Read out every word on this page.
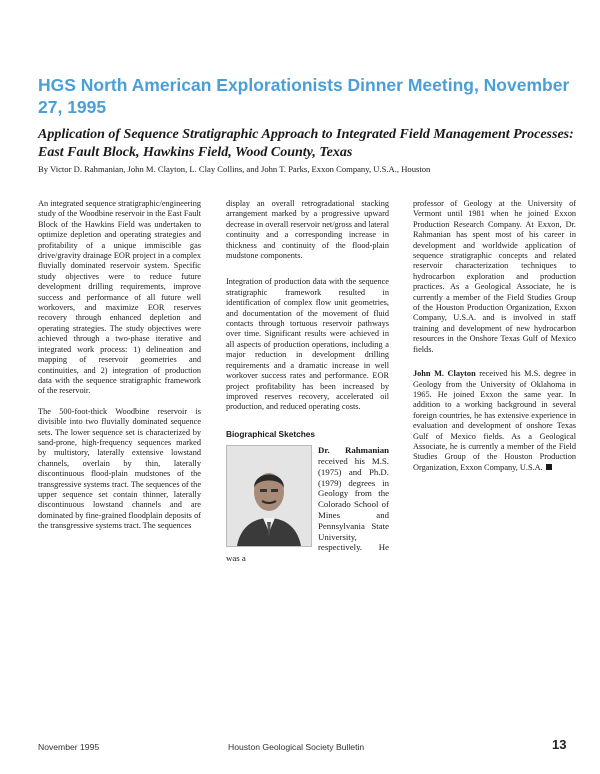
HGS North American Explorationists Dinner Meeting, November 27, 1995
Application of Sequence Stratigraphic Approach to Integrated Field Management Processes: East Fault Block, Hawkins Field, Wood County, Texas

By Victor D. Rahmanian, John M. Clayton, L. Clay Collins, and John T. Parks, Exxon Company, U.S.A., Houston

An integrated sequence stratigraphic/engineering study of the Woodbine reservoir in the East Fault Block of the Hawkins Field was undertaken to optimize depletion and operating strategies and profitability of a unique immiscible gas drive/gravity drainage EOR project in a complex fluvially dominated reservoir system. Specific study objectives were to reduce future development drilling requirements, improve success and performance of all future well workovers, and maximize EOR reserves recovery through enhanced depletion and operating strategies. The study objectives were achieved through a two-phase iterative and integrated work process: 1) delineation and mapping of reservoir geometries and continuities, and 2) integration of production data with the sequence stratigraphic framework of the reservoir.

The 500-foot-thick Woodbine reservoir is divisible into two fluvially dominated sequence sets. The lower sequence set is characterized by sand-prone, high-frequency sequences marked by multistory, laterally extensive lowstand channels, overlain by thin, laterally discontinuous flood-plain mudstones of the transgressive systems tract. The sequences of the upper sequence set contain thinner, laterally discontinuous lowstand channels and are dominated by fine-grained floodplain deposits of the transgressive systems tract. The sequences

display an overall retrogradational stacking arrangement marked by a progressive upward decrease in overall reservoir net/gross and lateral continuity and a corresponding increase in thickness and continuity of the flood-plain mudstone components.

Integration of production data with the sequence stratigraphic framework resulted in identification of complex flow unit geometries, and documentation of the movement of fluid contacts through tortuous reservoir pathways over time. Significant results were achieved in all aspects of production operations, including a major reduction in development drilling requirements and a dramatic increase in well workover success rates and performance. EOR project profitability has been increased by improved reserves recovery, accelerated oil production, and reduced operating costs.

Biographical Sketches
Dr. Rahmanian received his M.S. (1975) and Ph.D. (1979) degrees in Geology from the Colorado School of Mines and Pennsylvania State University, respectively. He was a

professor of Geology at the University of Vermont until 1981 when he joined Exxon Production Research Company. At Exxon, Dr. Rahmanian has spent most of his career in development and worldwide application of sequence stratigraphic concepts and related reservoir characterization techniques to hydrocarbon exploration and production practices. As a Geological Associate, he is currently a member of the Field Studies Group of the Houston Production Organization, Exxon Company, U.S.A. and is involved in staff training and development of new hydrocarbon resources in the Onshore Texas Gulf of Mexico fields.

John M. Clayton received his M.S. degree in Geology from the University of Oklahoma in 1965. He joined Exxon the same year. In addition to a working background in several foreign countries, he has extensive experience in evaluation and development of onshore Texas Gulf of Mexico fields. As a Geological Associate, he is currently a member of the Field Studies Group of the Houston Production Organization, Exxon Company, U.S.A.

November 1995	Houston Geological Society Bulletin	13
